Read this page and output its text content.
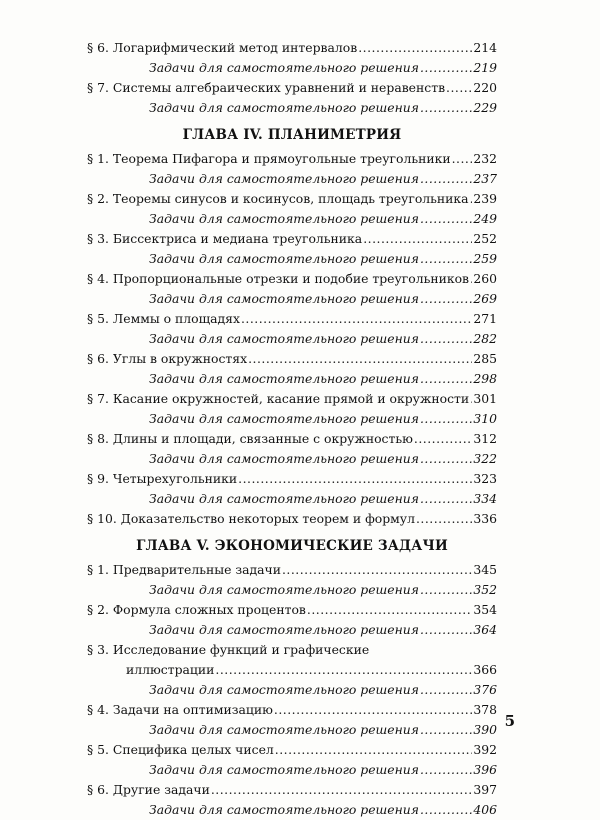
§ 6. Логарифмический метод интервалов .....	214
Задачи для самостоятельного решения .....	219
§ 7. Системы алгебраических уравнений и неравенств ..... 220
Задачи для самостоятельного решения .....	229
ГЛАВА IV. ПЛАНИМЕТРИЯ
§ 1. Теорема Пифагора и прямоугольные треугольники ..... 232
Задачи для самостоятельного решения .....	237
§ 2. Теоремы синусов и косинусов, площадь треугольника ..... 239
Задачи для самостоятельного решения .....	249
§ 3. Биссектриса и медиана треугольника .....	252
Задачи для самостоятельного решения .....	259
§ 4. Пропорциональные отрезки и подобие треугольников ..... 260
Задачи для самостоятельного решения .....	269
§ 5. Леммы о площадях .....	271
Задачи для самостоятельного решения .....	282
§ 6. Углы в окружностях .....	285
Задачи для самостоятельного решения .....	298
§ 7. Касание окружностей, касание прямой и окружности ..... 301
Задачи для самостоятельного решения .....	310
§ 8. Длины и площади, связанные с окружностью .....	312
Задачи для самостоятельного решения .....	322
§ 9. Четырехугольники .....	323
Задачи для самостоятельного решения .....	334
§ 10. Доказательство некоторых теорем и формул .....	336
ГЛАВА V. ЭКОНОМИЧЕСКИЕ ЗАДАЧИ
§ 1. Предварительные задачи .....	345
Задачи для самостоятельного решения .....	352
§ 2. Формула сложных процентов .....	354
Задачи для самостоятельного решения .....	364
§ 3. Исследование функций и графические
иллюстрации .....	366
Задачи для самостоятельного решения .....	376
§ 4. Задачи на оптимизацию .....	378
Задачи для самостоятельного решения .....	390
§ 5. Специфика целых чисел .....	392
Задачи для самостоятельного решения .....	396
§ 6. Другие задачи .....	397
Задачи для самостоятельного решения .....	406
5
